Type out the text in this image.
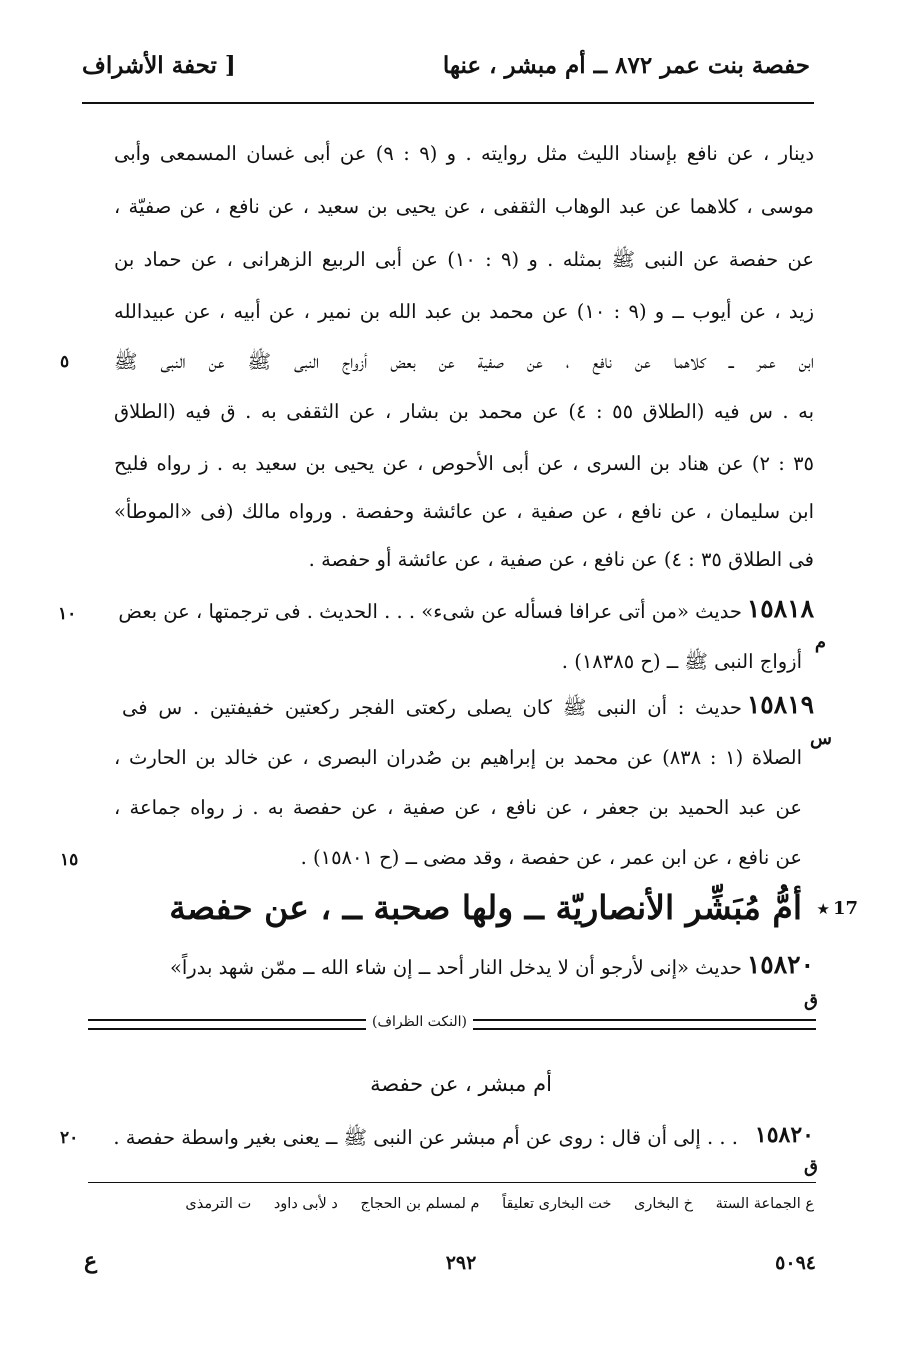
حفصة بنت عمر ٨٧٢ ــ أم مبشر ، عنها
[ تحفة الأشراف
دينار ، عن نافع بإسناد الليث مثل روايته . و (٩ : ٩) عن أبى غسان المسمعى وأبى
موسى ، كلاهما عن عبد الوهاب الثقفى ، عن يحيى بن سعيد ، عن نافع ، عن صفيّة ،
عن حفصة عن النبى ﷺ بمثله . و (٩ : ١٠) عن أبى الربيع الزهرانى ، عن حماد بن
زيد ، عن أيوب ــ و (٩ : ١٠) عن محمد بن عبد الله بن نمير ، عن أبيه ، عن عبيدالله
ابن عمر ــ كلاهما عن نافع ، عن صفية عن بعض أزواج النبى ﷺ عن النبى ﷺ
٥
به . س فيه (الطلاق ٥٥ : ٤) عن محمد بن بشار ، عن الثقفى به . ق فيه (الطلاق
٣٥ : ٢) عن هناد بن السرى ، عن أبى الأحوص ، عن يحيى بن سعيد به . ز رواه فليح
ابن سليمان ، عن نافع ، عن صفية ، عن عائشة وحفصة . ورواه مالك (فى «الموطأ»
فى الطلاق ٣٥ : ٤) عن نافع ، عن صفية ، عن عائشة أو حفصة .
١٥٨١٨
حديث «من أتى عرافا فسأله عن شىء» . . . الحديث . فى ترجمتها ، عن بعض
١٠
م
أزواج النبى ﷺ ــ (ح ١٨٣٨٥) .
١٥٨١٩
حديث : أن النبى ﷺ كان يصلى ركعتى الفجر ركعتين خفيفتين . س فى
س
الصلاة (١ : ٨٣٨) عن محمد بن إبراهيم بن صُدران البصرى ، عن خالد بن الحارث ،
عن عبد الحميد بن جعفر ، عن نافع ، عن صفية ، عن حفصة به . ز رواه جماعة ،
عن نافع ، عن ابن عمر ، عن حفصة ، وقد مضى ــ (ح ١٥٨٠١) .
١٥
أمُّ مُبَشِّر الأنصاريّة ــ ولها صحبة ــ ، عن حفصة 17
★
١٥٨٢٠
حديث «إنى لأرجو أن لا يدخل النار أحد ــ إن شاء الله ــ ممّن شهد بدراً»
ق
(النكت الظراف)
أم مبشر ، عن حفصة
١٥٨٢٠
. . . إلى أن قال : روى عن أم مبشر عن النبى ﷺ ــ يعنى بغير واسطة حفصة .
٢٠
ق
ع الجماعة الستة خ البخارى خت البخارى تعليقاً م لمسلم بن الحجاج د لأبى داود ت الترمذى
ع	٢٩٢	٥٠٩٤
